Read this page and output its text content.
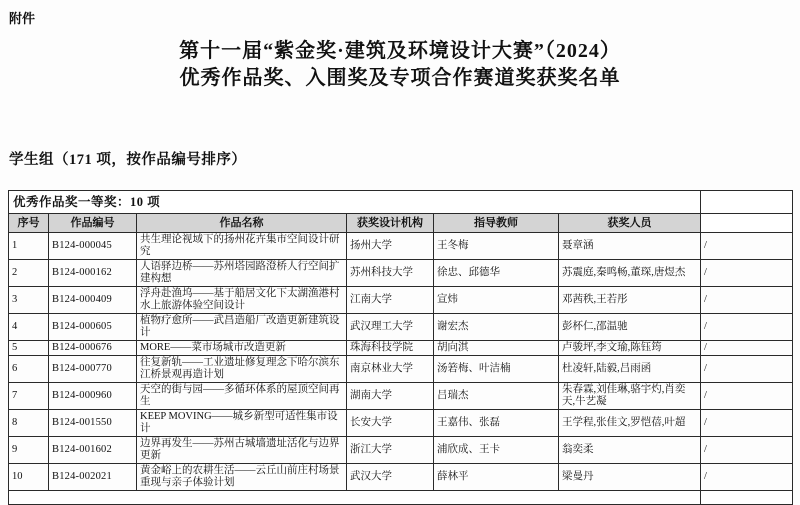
附件
第十一届“紫金奖·建筑及环境设计大赛”（2024）
优秀作品奖、入围奖及专项合作赛道奖获奖名单
学生组（171 项，按作品编号排序）
优秀作品奖一等奖：10 项						
序号	作品编号	作品名称	获奖设计机构	指导教师	获奖人员	
1	B124-000045	共生理论视域下的扬州花卉集市空间设计研究	扬州大学	王冬梅	聂章涵	/
2	B124-000162	人语驿边桥——苏州塔园路澄桥人行空间扩建构想	苏州科技大学	徐忠、邱德华	苏震庭,秦鸣畅,董琛,唐煜杰	/
3	B124-000409	浮舟赴渔坞——基于船居文化下太湖渔港村水上旅游体验空间设计	江南大学	宣炜	邓茜秩,王若彤	/
4	B124-000605	植物疗愈所——武昌造船厂改造更新建筑设计	武汉理工大学	谢宏杰	彭杯仁,邵温驰	/
5	B124-000676	MORE——菜市场城市改造更新	珠海科技学院	胡向淇	卢骏坪,李文瑜,陈钰筠	/
6	B124-000770	往复新轨——工业遗址修复理念下哈尔滨东江桥景观再造计划	南京林业大学	汤箬梅、叶洁楠	杜凌轩,陆毅,吕雨函	/
7	B124-000960	天空的街与园——多循环体系的屋顶空间再生	湖南大学	吕瑞杰	朱春霖,刘佳琳,骆宇灼,肖奕天,牛艺凝	/
8	B124-001550	KEEP MOVING——城乡新型可适性集市设计	长安大学	王嘉伟、张磊	王学程,张佳文,罗恺蓓,叶超	/
9	B124-001602	边界再发生——苏州古城墙遗址活化与边界更新	浙江大学	浦欣成、王卡	翁奕柔	/
10	B124-002021	黄金峪上的农耕生活——云丘山前庄村场景重现与亲子体验计划	武汉大学	薛林平	梁曼丹	/
